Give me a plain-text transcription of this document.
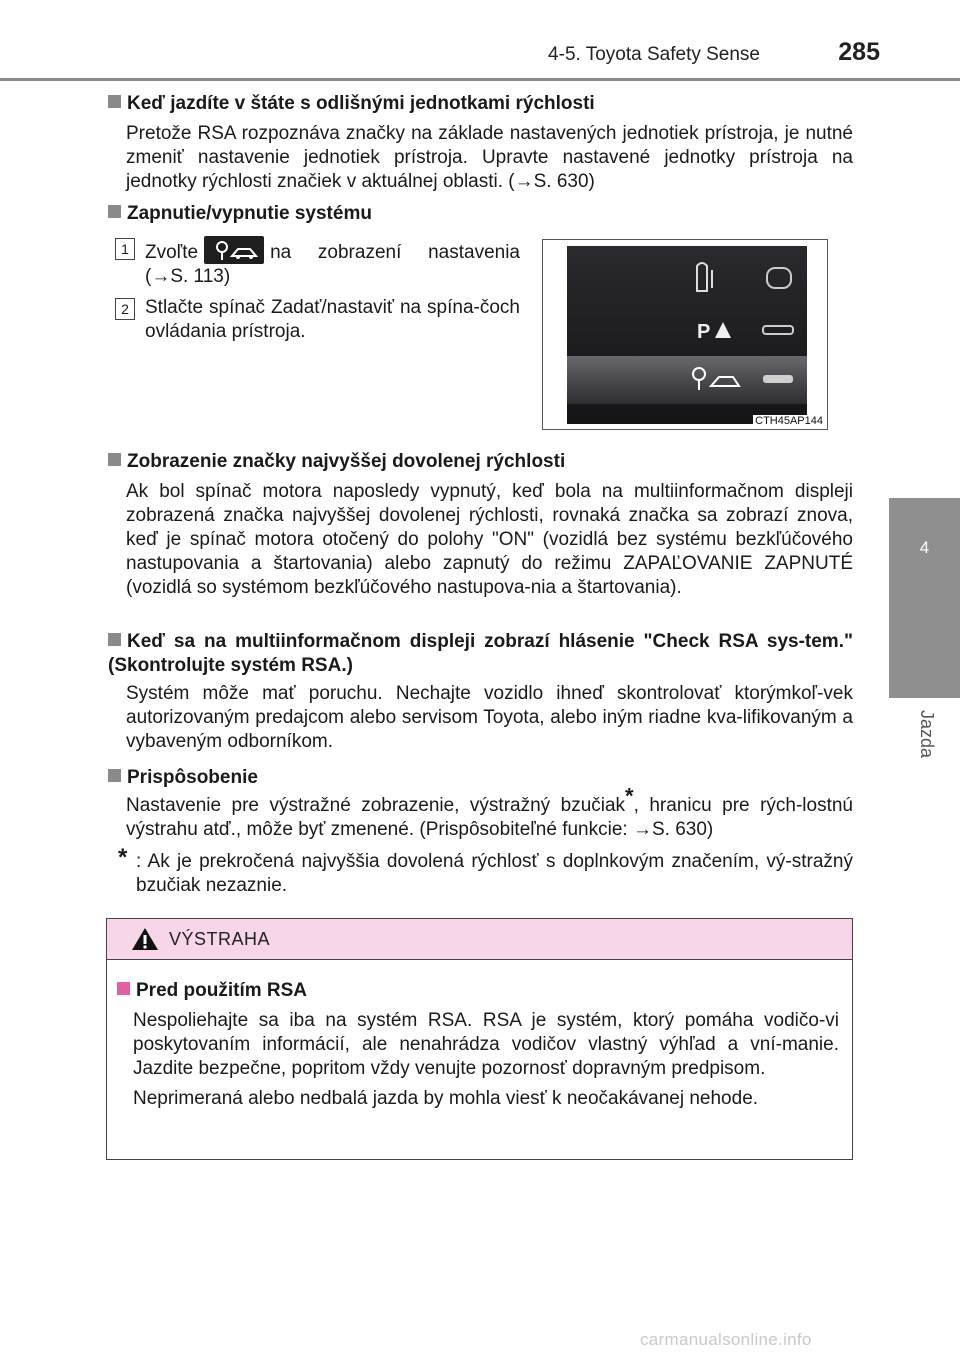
4-5. Toyota Safety Sense	285
4
Jazda
Keď jazdíte v štáte s odlišnými jednotkami rýchlosti
Pretože RSA rozpoznáva značky na základe nastavených jednotiek prístroja, je nutné zmeniť nastavenie jednotiek prístroja. Upravte nastavené jednotky prístroja na jednotky rýchlosti značiek v aktuálnej oblasti. (→S. 630)
Zapnutie/vypnutie systému
1 Zvoľte	na zobrazení nastavenia (→S. 113)
2 Stlačte spínač Zadať/nastaviť na spína-čoch ovládania prístroja.	P
CTH45AP144
Zobrazenie značky najvyššej dovolenej rýchlosti
Ak bol spínač motora naposledy vypnutý, keď bola na multiinformačnom displeji zobrazená značka najvyššej dovolenej rýchlosti, rovnaká značka sa zobrazí znova, keď je spínač motora otočený do polohy "ON" (vozidlá bez systému bezkľúčového nastupovania a štartovania) alebo zapnutý do režimu ZAPAĽOVANIE ZAPNUTÉ (vozidlá so systémom bezkľúčového nastupova-nia a štartovania).
Keď sa na multiinformačnom displeji zobrazí hlásenie "Check RSA sys-tem." (Skontrolujte systém RSA.)
Systém môže mať poruchu. Nechajte vozidlo ihneď skontrolovať ktorýmkoľ-vek autorizovaným predajcom alebo servisom Toyota, alebo iným riadne kva-lifikovaným a vybaveným odborníkom.
Prispôsobenie
Nastavenie pre výstražné zobrazenie, výstražný bzučiak*, hranicu pre rých-lostnú výstrahu atď., môže byť zmenené. (Prispôsobiteľné funkcie: →S. 630)
* : Ak je prekročená najvyššia dovolená rýchlosť s doplnkovým značením, vý-stražný bzučiak nezaznie.
VÝSTRAHA
Pred použitím RSA
Nespoliehajte sa iba na systém RSA. RSA je systém, ktorý pomáha vodičo-vi poskytovaním informácií, ale nenahrádza vodičov vlastný výhľad a vní-manie. Jazdite bezpečne, popritom vždy venujte pozornosť dopravným predpisom.
Neprimeraná alebo nedbalá jazda by mohla viesť k neočakávanej nehode.
carmanualsonline.info
